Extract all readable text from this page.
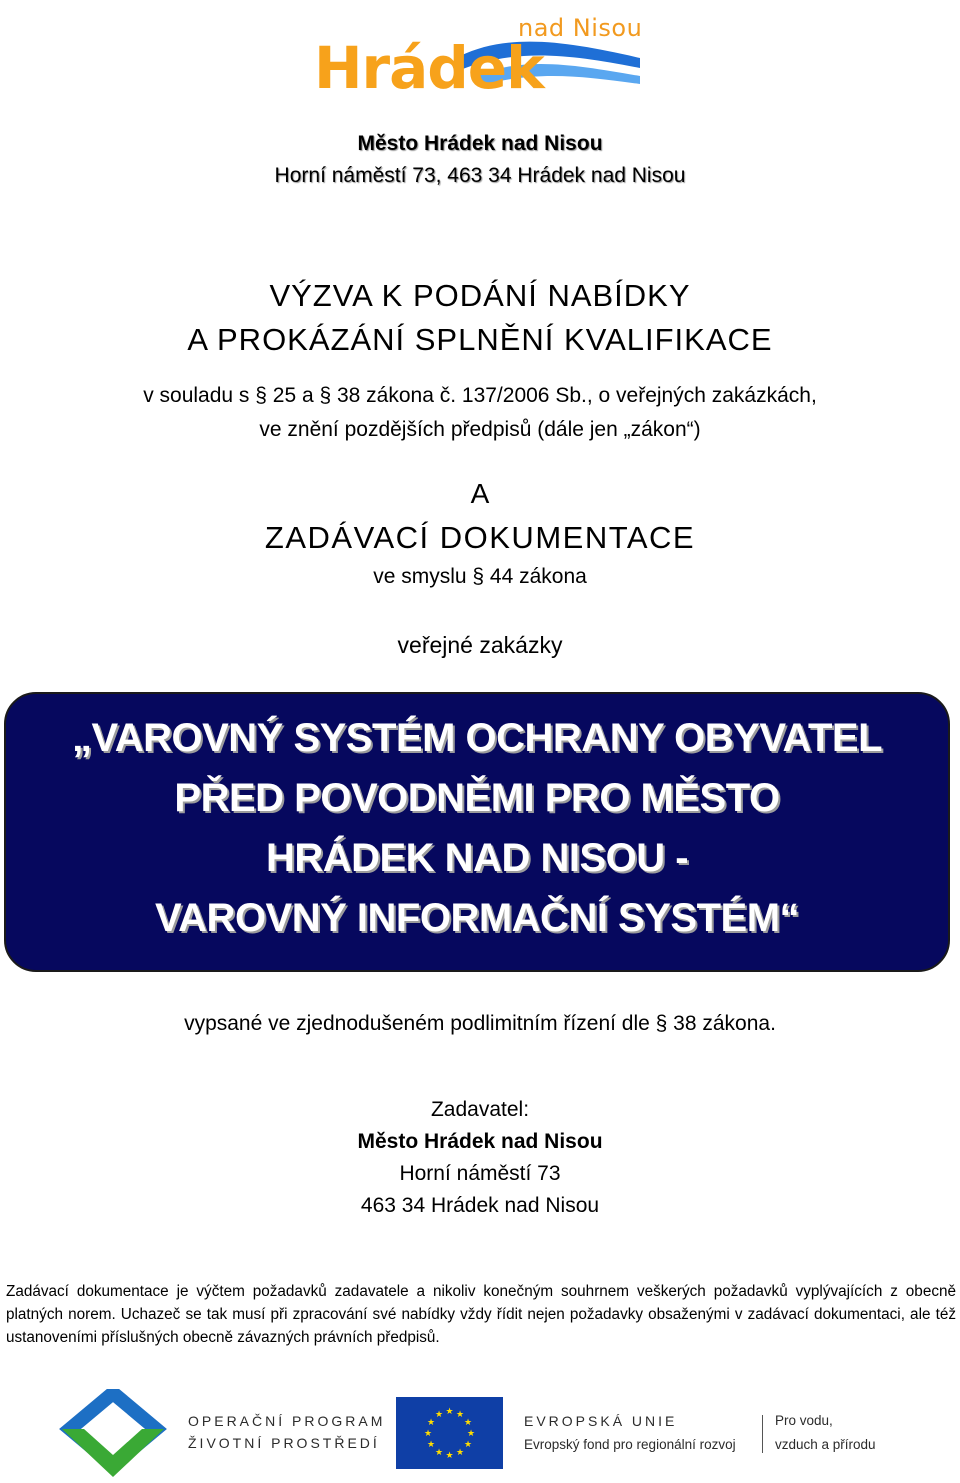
nad Nisou
Hrádek
Město Hrádek nad Nisou
Horní náměstí 73, 463 34 Hrádek nad Nisou
VÝZVA K PODÁNÍ NABÍDKY
A PROKÁZÁNÍ SPLNĚNÍ KVALIFIKACE
v souladu s § 25 a § 38 zákona č. 137/2006 Sb., o veřejných zakázkách,
ve znění pozdějších předpisů (dále jen „zákon“)
A
ZADÁVACÍ DOKUMENTACE
ve smyslu § 44 zákona
veřejné zakázky
„VAROVNÝ SYSTÉM OCHRANY OBYVATEL
PŘED POVODNĚMI PRO MĚSTO
HRÁDEK NAD NISOU -
VAROVNÝ INFORMAČNÍ SYSTÉM“
vypsané ve zjednodušeném podlimitním řízení dle § 38 zákona.
Zadavatel:
Město Hrádek nad Nisou
Horní náměstí 73
463 34 Hrádek nad Nisou
Zadávací dokumentace je výčtem požadavků zadavatele a nikoliv konečným souhrnem veškerých požadavků vyplývajících z obecně platných norem. Uchazeč se tak musí při zpracování své nabídky vždy řídit nejen požadavky obsaženými v zadávací dokumentaci, ale též ustanoveními příslušných obecně závazných právních předpisů.
OPERAČNÍ PROGRAM
ŽIVOTNÍ PROSTŘEDÍ
★ ★
★
★
★
★
★
★
★
★
★
★	EVROPSKÁ UNIE
Evropský fond pro regionální rozvoj
Pro vodu,
vzduch a přírodu
